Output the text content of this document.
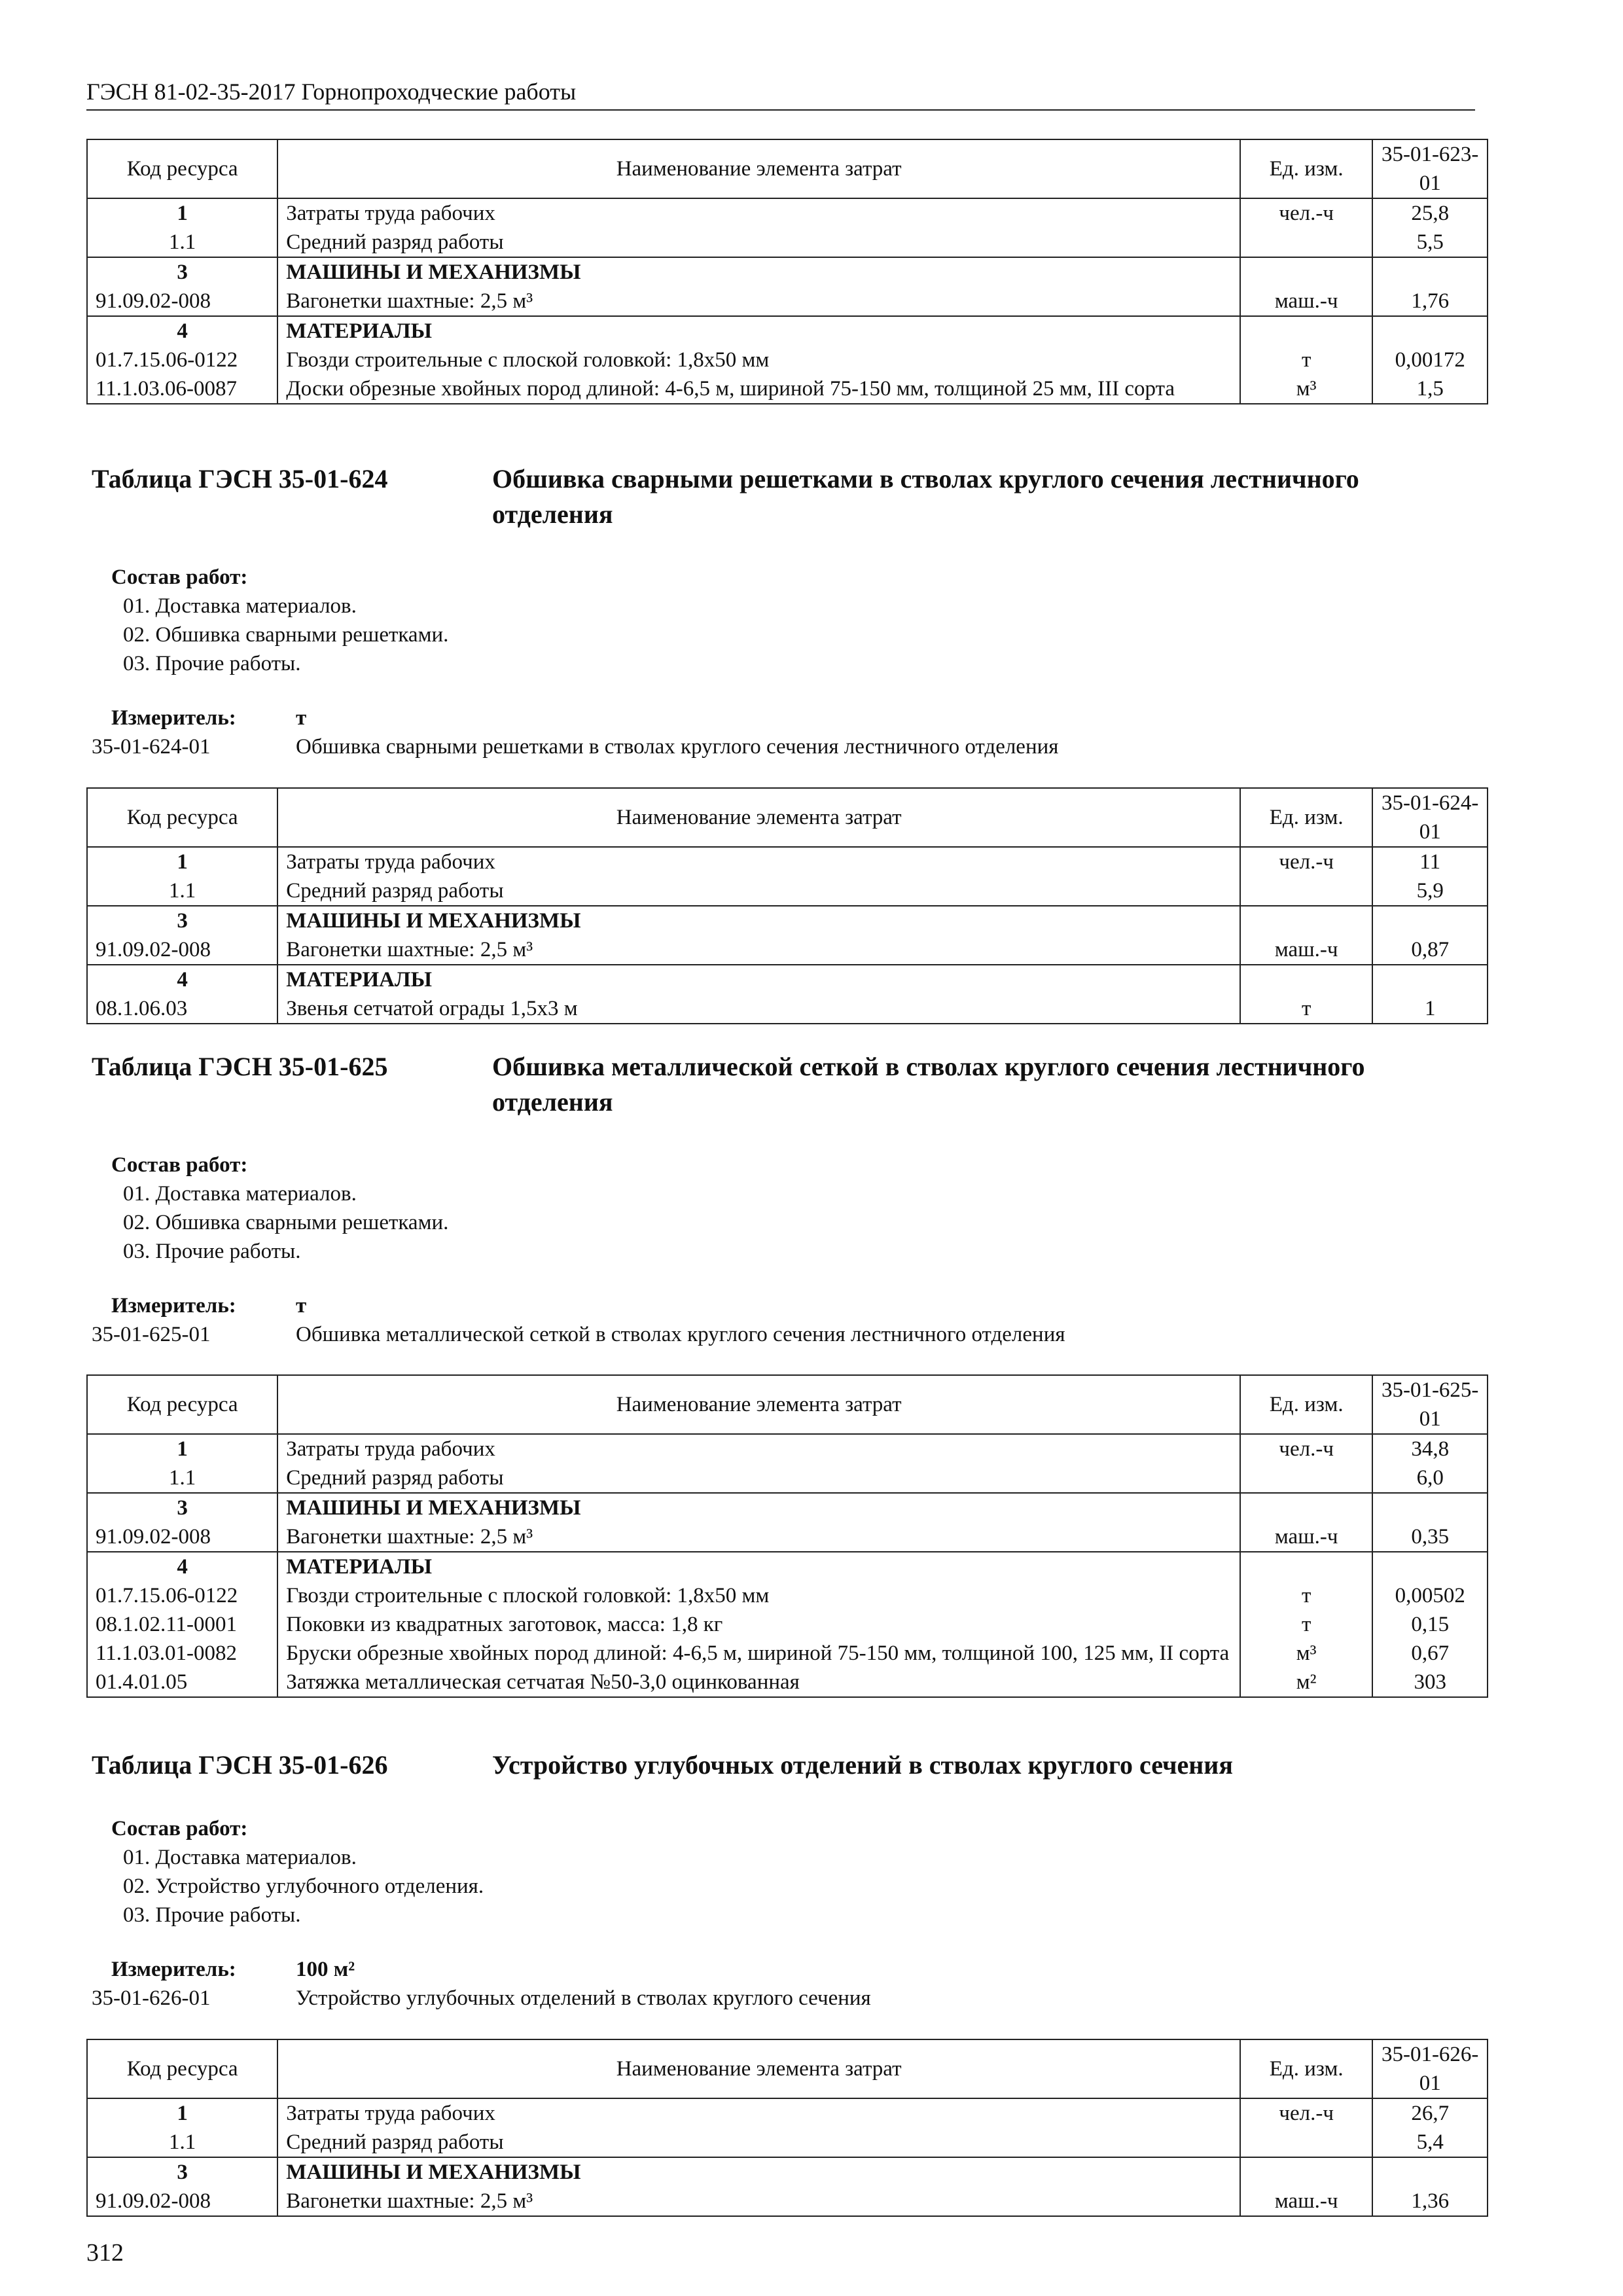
ГЭСН 81-02-35-2017 Горнопроходческие работы
Код ресурса	Наименование элемента затрат	Ед. изм.	35-01-623-01
1	Затраты труда рабочих	чел.-ч	25,8
1.1	Средний разряд работы		5,5
3	МАШИНЫ И МЕХАНИЗМЫ		
91.09.02-008	Вагонетки шахтные: 2,5 м³	маш.-ч	1,76
4	МАТЕРИАЛЫ		
01.7.15.06-0122	Гвозди строительные с плоской головкой: 1,8х50 мм	т	0,00172
11.1.03.06-0087	Доски обрезные хвойных пород длиной: 4-6,5 м, шириной 75-150 мм, толщиной 25 мм, III сорта	м³	1,5
Таблица ГЭСН 35-01-624	Обшивка сварными решетками в стволах круглого сечения лестничного отделения
Состав работ:
01. Доставка материалов.
02. Обшивка сварными решетками.
03. Прочие работы.
Измеритель:	т
35-01-624-01	Обшивка сварными решетками в стволах круглого сечения лестничного отделения
Код ресурса	Наименование элемента затрат	Ед. изм.	35-01-624-01
1	Затраты труда рабочих	чел.-ч	11
1.1	Средний разряд работы		5,9
3	МАШИНЫ И МЕХАНИЗМЫ		
91.09.02-008	Вагонетки шахтные: 2,5 м³	маш.-ч	0,87
4	МАТЕРИАЛЫ		
08.1.06.03	Звенья сетчатой ограды 1,5х3 м	т	1
Таблица ГЭСН 35-01-625	Обшивка металлической сеткой в стволах круглого сечения лестничного отделения
Состав работ:
01. Доставка материалов.
02. Обшивка сварными решетками.
03. Прочие работы.
Измеритель:	т
35-01-625-01	Обшивка металлической сеткой в стволах круглого сечения лестничного отделения
Код ресурса	Наименование элемента затрат	Ед. изм.	35-01-625-01
1	Затраты труда рабочих	чел.-ч	34,8
1.1	Средний разряд работы		6,0
3	МАШИНЫ И МЕХАНИЗМЫ		
91.09.02-008	Вагонетки шахтные: 2,5 м³	маш.-ч	0,35
4	МАТЕРИАЛЫ		
01.7.15.06-0122	Гвозди строительные с плоской головкой: 1,8х50 мм	т	0,00502
08.1.02.11-0001	Поковки из квадратных заготовок, масса: 1,8 кг	т	0,15
11.1.03.01-0082	Бруски обрезные хвойных пород длиной: 4-6,5 м, шириной 75-150 мм, толщиной 100, 125 мм, II сорта	м³	0,67
01.4.01.05	Затяжка металлическая сетчатая №50-3,0 оцинкованная	м²	303
Таблица ГЭСН 35-01-626	Устройство углубочных отделений в стволах круглого сечения
Состав работ:
01. Доставка материалов.
02. Устройство углубочного отделения.
03. Прочие работы.
Измеритель:	100 м²
35-01-626-01	Устройство углубочных отделений в стволах круглого сечения
Код ресурса	Наименование элемента затрат	Ед. изм.	35-01-626-01
1	Затраты труда рабочих	чел.-ч	26,7
1.1	Средний разряд работы		5,4
3	МАШИНЫ И МЕХАНИЗМЫ		
91.09.02-008	Вагонетки шахтные: 2,5 м³	маш.-ч	1,36
312
